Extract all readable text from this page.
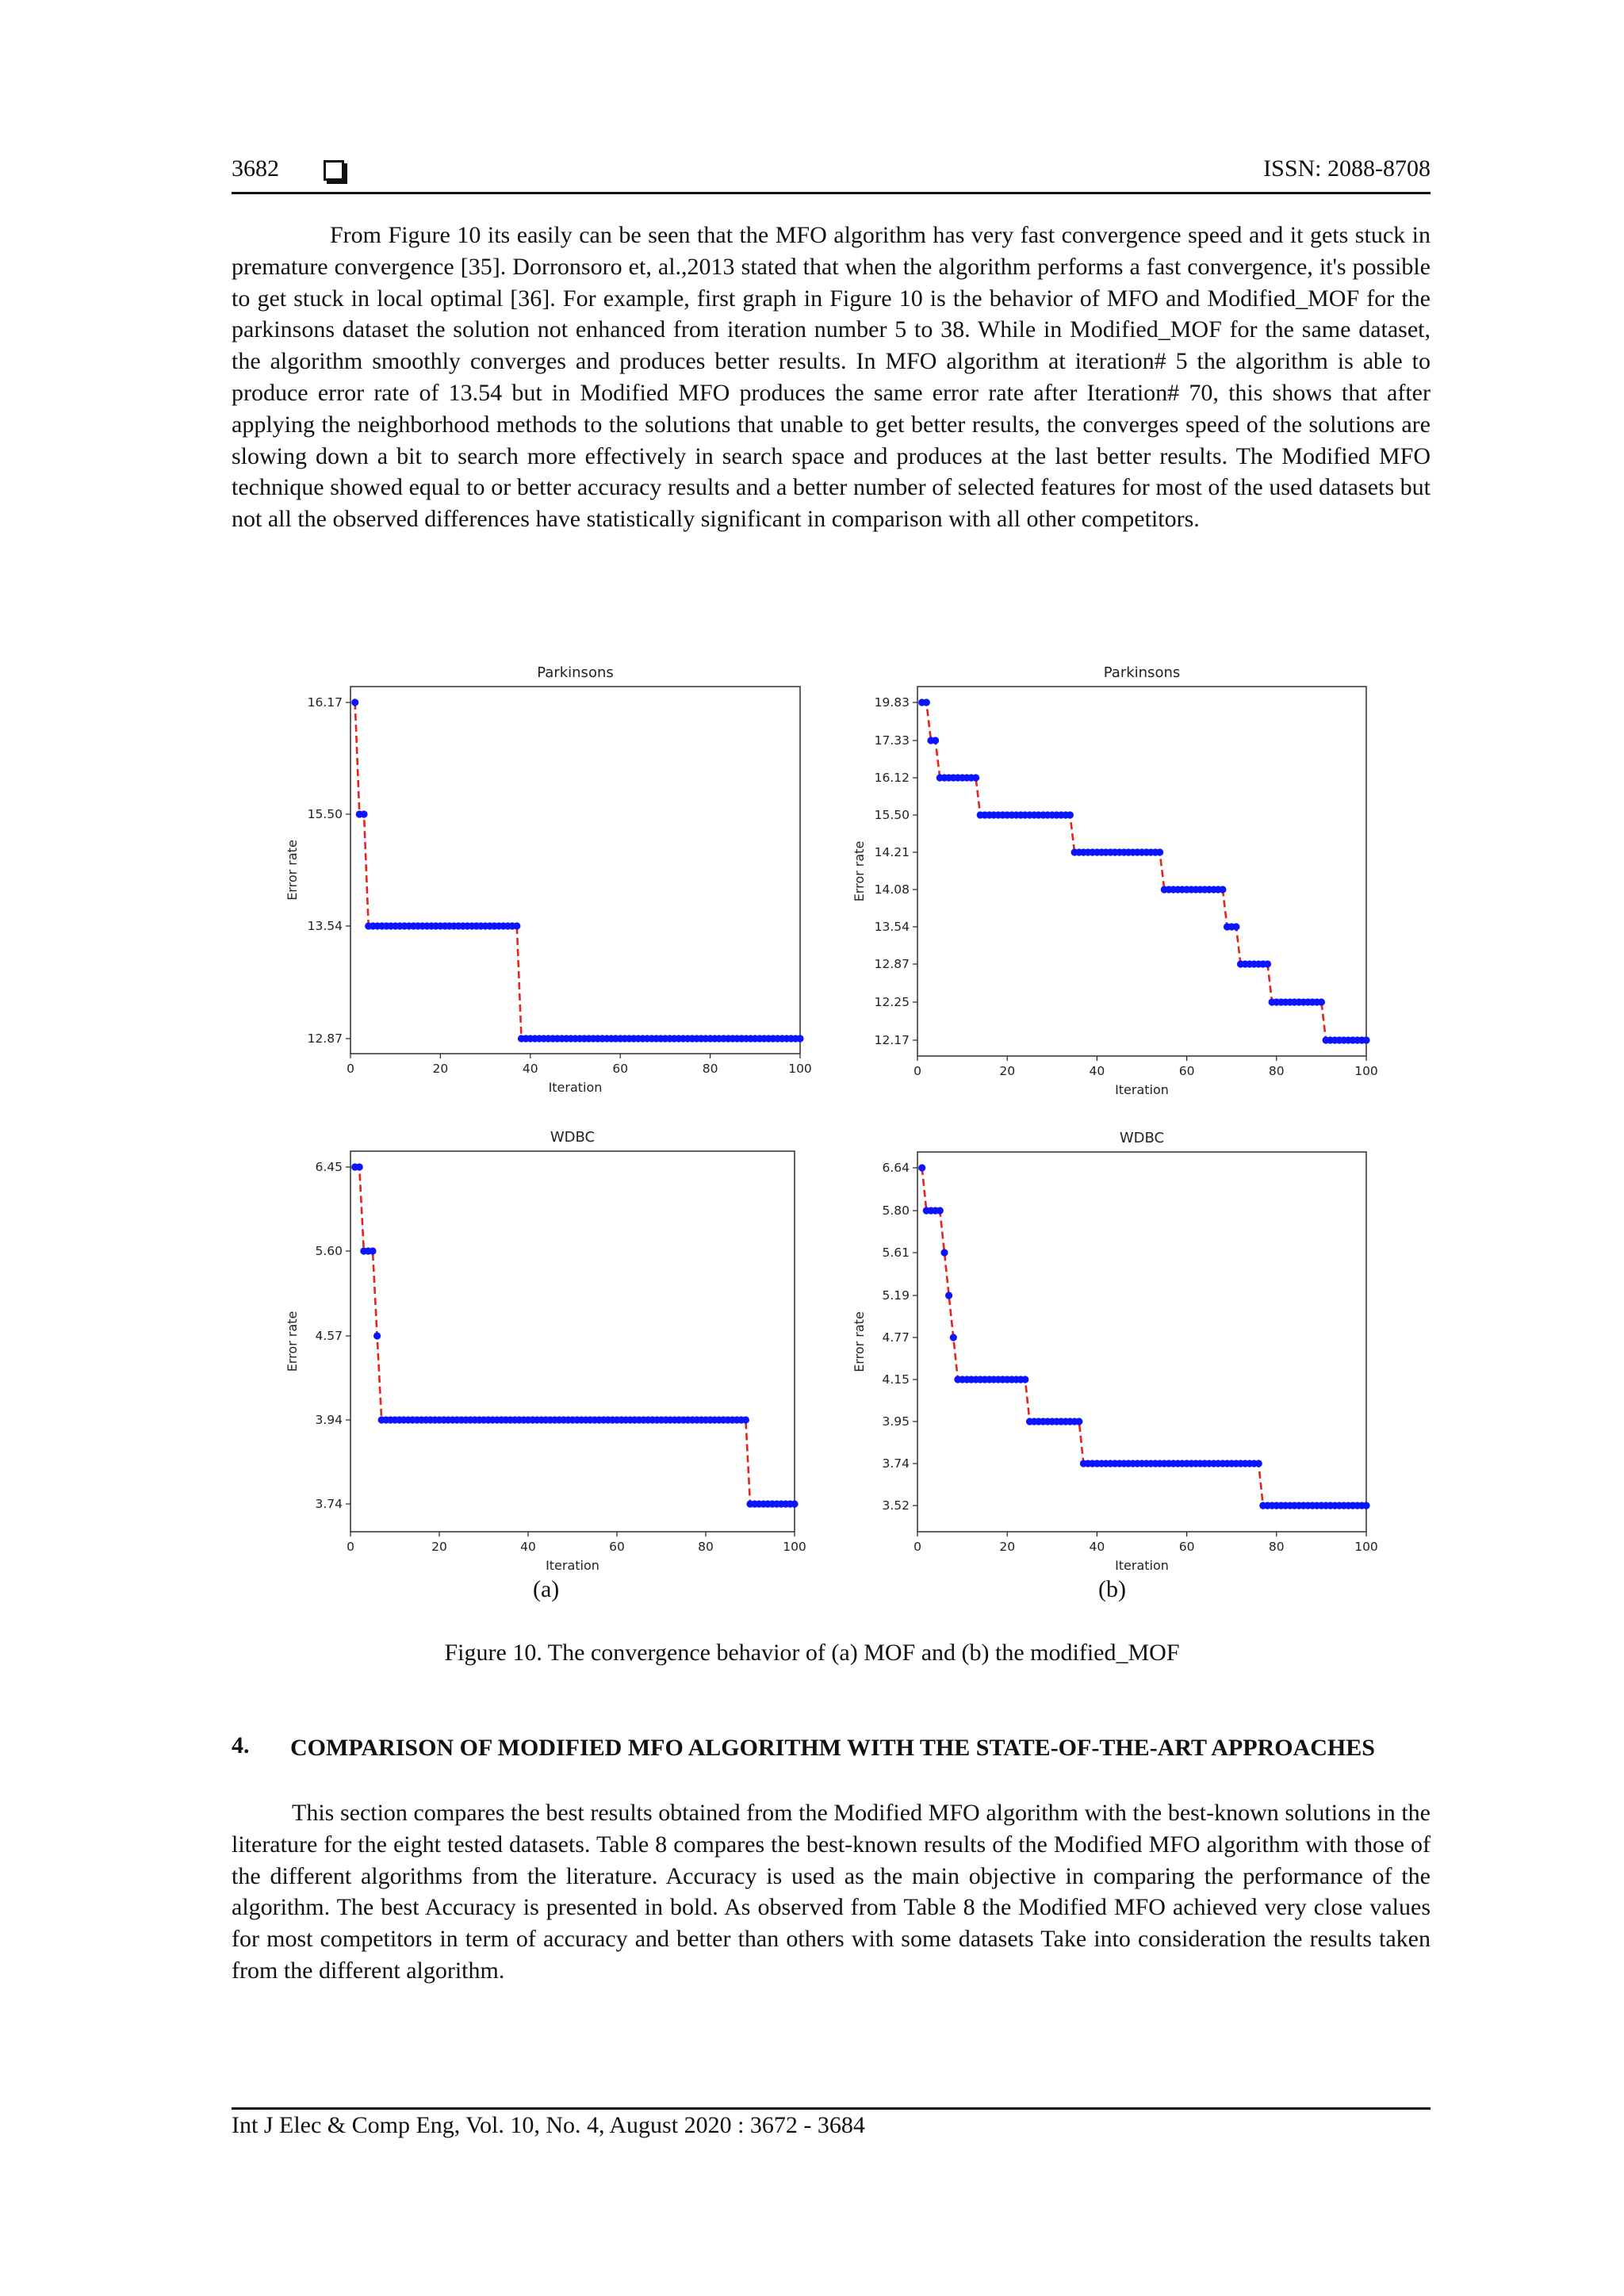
3682	ISSN: 2088-8708

From Figure 10 its easily can be seen that the MFO algorithm has very fast convergence speed and it gets stuck in premature convergence [35]. Dorronsoro et, al.,2013 stated that when the algorithm performs a fast convergence, it's possible to get stuck in local optimal [36]. For example, first graph in Figure 10 is the behavior of MFO and Modified_MOF for the parkinsons dataset the solution not enhanced from iteration number 5 to 38. While in Modified_MOF for the same dataset, the algorithm smoothly converges and produces better results. In MFO algorithm at iteration# 5 the algorithm is able to produce error rate of 13.54 but in Modified MFO produces the same error rate after Iteration# 70, this shows that after applying the neighborhood methods to the solutions that unable to get better results, the converges speed of the solutions are slowing down a bit to search more effectively in search space and produces at the last better results. The Modified MFO technique showed equal to or better accuracy results and a better number of selected features for most of the used datasets but not all the observed differences have statistically significant in comparison with all other competitors.

Parkinsons
0	20	40	60	80	100
16.17
15.50
13.54
12.87
Iteration
Error rate
Parkinsons
0	20	40	60	80	100
19.83
17.33
16.12
15.50
14.21
14.08
13.54
12.87
12.25
12.17
Iteration
Error rate
WDBC
0	20	40	60	80	100
6.45
5.60
4.57
3.94
3.74
Iteration
Error rate
WDBC
0	20	40	60	80	100
6.64
5.80
5.61
5.19
4.77
4.15
3.95
3.74
3.52
Iteration
Error rate
(a)	(b)
Figure 10. The convergence behavior of (a) MOF and (b) the modified_MOF
4. COMPARISON OF MODIFIED MFO ALGORITHM WITH THE STATE-OF-THE-ART APPROACHES

This section compares the best results obtained from the Modified MFO algorithm with the best-known solutions in the literature for the eight tested datasets. Table 8 compares the best-known results of the Modified MFO algorithm with those of the different algorithms from the literature. Accuracy is used as the main objective in comparing the performance of the algorithm. The best Accuracy is presented in bold. As observed from Table 8 the Modified MFO achieved very close values for most competitors in term of accuracy and better than others with some datasets Take into consideration the results taken from the different algorithm.

Int J Elec & Comp Eng, Vol. 10, No. 4, August 2020 : 3672 - 3684
